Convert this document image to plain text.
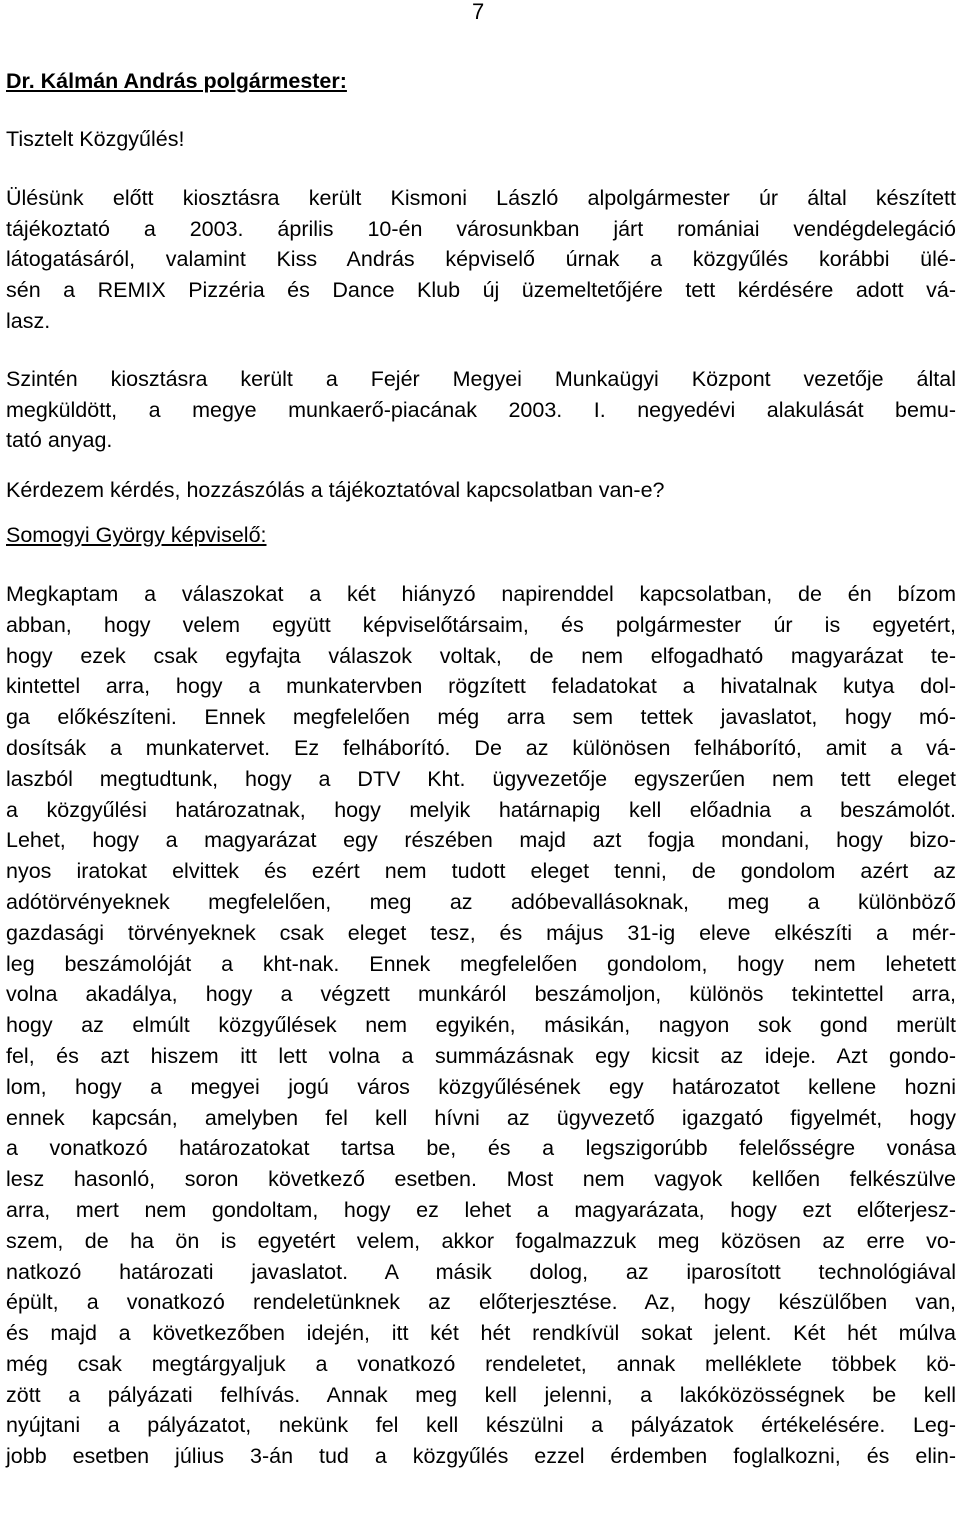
7
Dr. Kálmán András polgármester:
Tisztelt Közgyűlés!
Ülésünk előtt kiosztásra került Kismoni László alpolgármester úr által készített
tájékoztató a 2003. április 10-én városunkban járt romániai vendégdelegáció
látogatásáról, valamint Kiss András képviselő úrnak a közgyűlés korábbi ülé-
sén a REMIX Pizzéria és Dance Klub új üzemeltetőjére tett kérdésére adott vá-
lasz.
Szintén kiosztásra került a Fejér Megyei Munkaügyi Központ vezetője által
megküldött, a megye munkaerő-piacának 2003. I. negyedévi alakulását bemu-
tató anyag.
Kérdezem kérdés, hozzászólás a tájékoztatóval kapcsolatban van-e?
Somogyi György képviselő:
Megkaptam a válaszokat a két hiányzó napirenddel kapcsolatban, de én bízom
abban, hogy velem együtt képviselőtársaim, és polgármester úr is egyetért,
hogy ezek csak egyfajta válaszok voltak, de nem elfogadható magyarázat te-
kintettel arra, hogy a munkatervben rögzített feladatokat a hivatalnak kutya dol-
ga előkészíteni. Ennek megfelelően még arra sem tettek javaslatot, hogy mó-
dosítsák a munkatervet. Ez felháborító. De az különösen felháborító, amit a vá-
laszból megtudtunk, hogy a DTV Kht. ügyvezetője egyszerűen nem tett eleget
a közgyűlési határozatnak, hogy melyik határnapig kell előadnia a beszámolót.
Lehet, hogy a magyarázat egy részében majd azt fogja mondani, hogy bizo-
nyos iratokat elvittek és ezért nem tudott eleget tenni, de gondolom azért az
adótörvényeknek megfelelően, meg az adóbevallásoknak, meg a különböző
gazdasági törvényeknek csak eleget tesz, és május 31-ig eleve elkészíti a mér-
leg beszámolóját a kht-nak. Ennek megfelelően gondolom, hogy nem lehetett
volna akadálya, hogy a végzett munkáról beszámoljon, különös tekintettel arra,
hogy az elmúlt közgyűlések nem egyikén, másikán, nagyon sok gond merült
fel, és azt hiszem itt lett volna a summázásnak egy kicsit az ideje. Azt gondo-
lom, hogy a megyei jogú város közgyűlésének egy határozatot kellene hozni
ennek kapcsán, amelyben fel kell hívni az ügyvezető igazgató figyelmét, hogy
a vonatkozó határozatokat tartsa be, és a legszigorúbb felelősségre vonása
lesz hasonló, soron következő esetben. Most nem vagyok kellően felkészülve
arra, mert nem gondoltam, hogy ez lehet a magyarázata, hogy ezt előterjesz-
szem, de ha ön is egyetért velem, akkor fogalmazzuk meg közösen az erre vo-
natkozó határozati javaslatot. A másik dolog, az iparosított technológiával
épült, a vonatkozó rendeletünknek az előterjesztése. Az, hogy készülőben van,
és majd a következőben idején, itt két hét rendkívül sokat jelent. Két hét múlva
még csak megtárgyaljuk a vonatkozó rendeletet, annak melléklete többek kö-
zött a pályázati felhívás. Annak meg kell jelenni, a lakóközösségnek be kell
nyújtani a pályázatot, nekünk fel kell készülni a pályázatok értékelésére. Leg-
jobb esetben július 3-án tud a közgyűlés ezzel érdemben foglalkozni, és elin-
